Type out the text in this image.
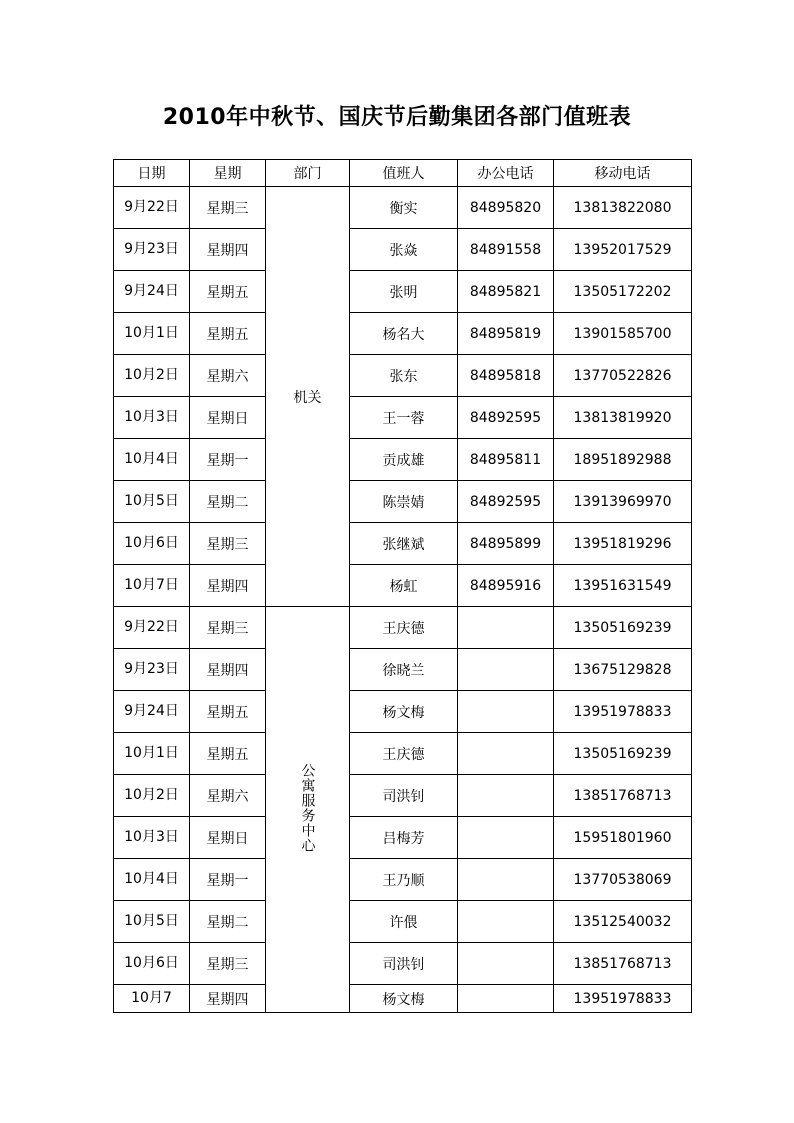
2010年中秋节、国庆节后勤集团各部门值班表
日期	星期	部门	值班人	办公电话	移动电话
9月22日	星期三	机关	衡实	84895820	13813822080
9月23日	星期四		张焱	84891558	13952017529
9月24日	星期五		张明	84895821	13505172202
10月1日	星期五		杨名大	84895819	13901585700
10月2日	星期六		张东	84895818	13770522826
10月3日	星期日		王一蓉	84892595	13813819920
10月4日	星期一		贡成雄	84895811	18951892988
10月5日	星期二		陈崇婧	84892595	13913969970
10月6日	星期三		张继斌	84895899	13951819296
10月7日	星期四		杨虹	84895916	13951631549
9月22日	星期三	公寓服务中心	王庆德		13505169239
9月23日	星期四		徐晓兰		13675129828
9月24日	星期五		杨文梅		13951978833
10月1日	星期五		王庆德		13505169239
10月2日	星期六		司洪钊		13851768713
10月3日	星期日		吕梅芳		15951801960
10月4日	星期一		王乃顺		13770538069
10月5日	星期二		许偎		13512540032
10月6日	星期三		司洪钊		13851768713
10月7	星期四		杨文梅		13951978833
